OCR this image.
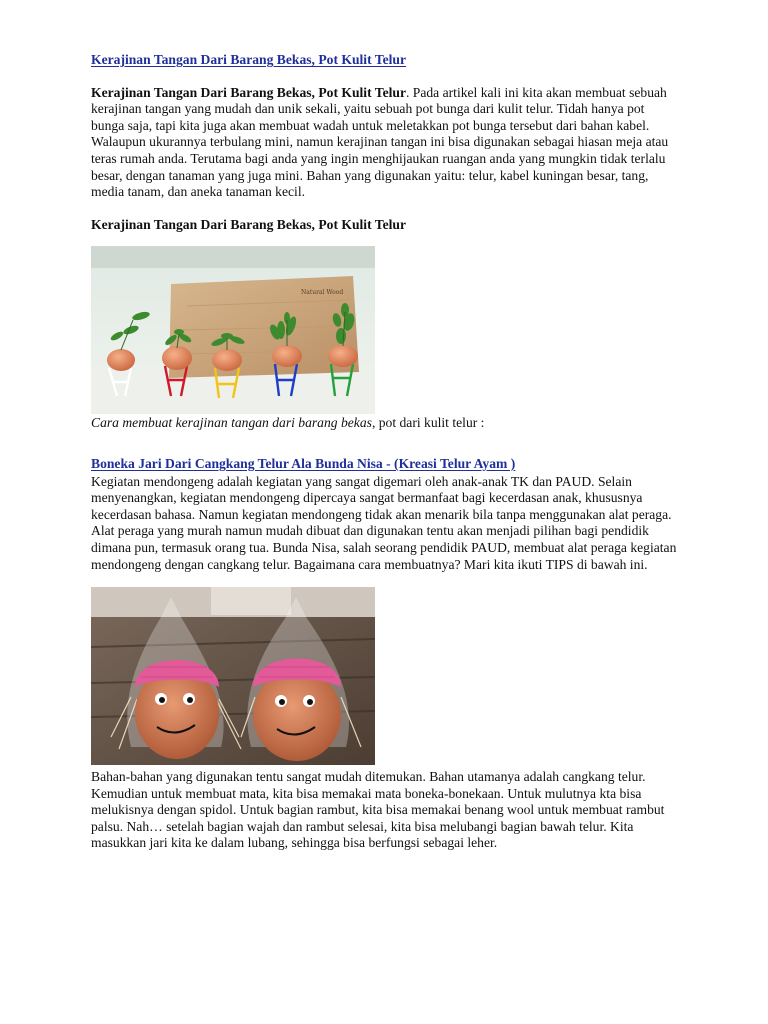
Kerajinan Tangan Dari Barang Bekas, Pot Kulit Telur

Kerajinan Tangan Dari Barang Bekas, Pot Kulit Telur. Pada artikel kali ini kita akan membuat sebuah kerajinan tangan yang mudah dan unik sekali, yaitu sebuah pot bunga dari kulit telur. Tidah hanya pot bunga saja, tapi kita juga akan membuat wadah untuk meletakkan pot bunga tersebut dari bahan kabel. Walaupun ukurannya terbulang mini, namun kerajinan tangan ini bisa digunakan sebagai hiasan meja atau teras rumah anda. Terutama bagi anda yang ingin menghijaukan ruangan anda yang mungkin tidak terlalu besar, dengan tanaman yang juga mini. Bahan yang digunakan yaitu: telur, kabel kuningan besar, tang, media tanam, dan aneka tanaman kecil.

Kerajinan Tangan Dari Barang Bekas, Pot Kulit Telur

Natural Wood

Cara membuat kerajinan tangan dari barang bekas, pot dari kulit telur :

Boneka Jari Dari Cangkang Telur Ala Bunda Nisa - (Kreasi Telur Ayam )

Kegiatan mendongeng adalah kegiatan yang sangat digemari oleh anak-anak TK dan PAUD. Selain menyenangkan, kegiatan mendongeng dipercaya sangat bermanfaat bagi kecerdasan anak, khususnya kecerdasan bahasa. Namun kegiatan mendongeng tidak akan menarik bila tanpa menggunakan alat peraga. Alat peraga yang murah namun mudah dibuat dan digunakan tentu akan menjadi pilihan bagi pendidik dimana pun, termasuk orang tua. Bunda Nisa, salah seorang pendidik PAUD, membuat alat peraga kegiatan mendongeng dengan cangkang telur. Bagaimana cara membuatnya? Mari kita ikuti TIPS di bawah ini.

Bahan-bahan yang digunakan tentu sangat mudah ditemukan. Bahan utamanya adalah cangkang telur. Kemudian untuk membuat mata, kita bisa memakai mata boneka-bonekaan. Untuk mulutnya kta bisa melukisnya dengan spidol. Untuk bagian rambut, kita bisa memakai benang wool untuk membuat rambut palsu. Nah… setelah bagian wajah dan rambut selesai, kita bisa melubangi bagian bawah telur. Kita masukkan jari kita ke dalam lubang, sehingga bisa berfungsi sebagai leher.
